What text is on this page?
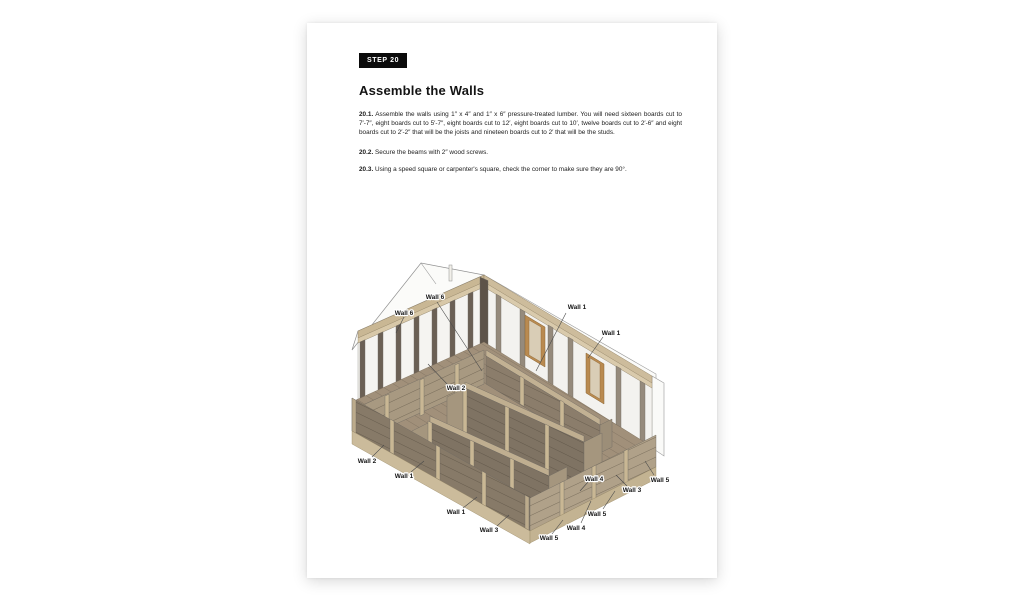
STEP 20
Assemble the Walls
20.1. Assemble the walls using 1″ x 4″ and 1″ x 6″ pressure-treated lumber. You will need sixteen boards cut to 7′-7″, eight boards cut to 5′-7″, eight boards cut to 12′, eight boards cut to 10′, twelve boards cut to 2′-6″ and eight boards cut to 2′-2″ that will be the joists and nineteen boards cut to 2′ that will be the studs.
20.2. Secure the beams with 2″ wood screws.
20.3. Using a speed square or carpenter's square, check the corner to make sure they are 90°.
Wall 6
Wall 6
Wall 1
Wall 1
Wall 2
Wall 2
Wall 1
Wall 1
Wall 3
Wall 5
Wall 4
Wall 5
Wall 4
Wall 3
Wall 5
